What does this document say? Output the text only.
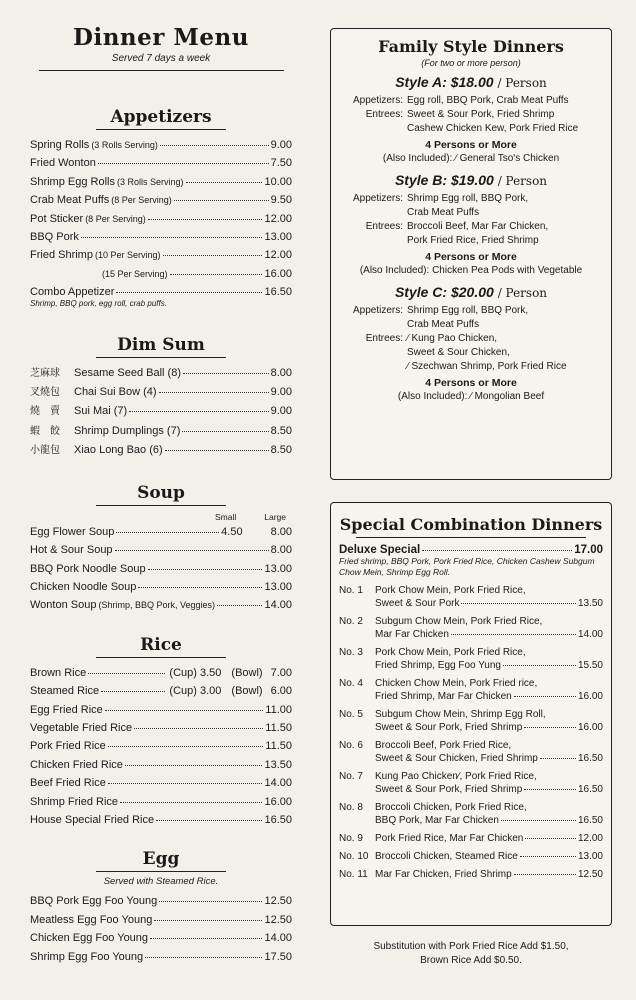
Dinner Menu
Served 7 days a week
Appetizers
Spring Rolls (3 Rolls Serving)	9.00
Fried Wonton	7.50
Shrimp Egg Rolls (3 Rolls Serving)	10.00
Crab Meat Puffs (8 Per Serving)	9.50
Pot Sticker (8 Per Serving)	12.00
BBQ Pork	13.00
Fried Shrimp (10 Per Serving)	12.00
(15 Per Serving)	16.00
Combo Appetizer	16.50
Shrimp, BBQ pork, egg roll, crab puffs.
Dim Sum
芝麻球	Sesame Seed Ball (8)	8.00
叉燒包	Chai Sui Bow (4)	9.00
燒　賣	Sui Mai (7)	9.00
蝦　餃	Shrimp Dumplings (7)	8.50
小龍包	Xiao Long Bao (6)	8.50
Soup
Small	Large
Egg Flower Soup	4.50	8.00
Hot & Sour Soup	8.00
BBQ Pork Noodle Soup	13.00
Chicken Noodle Soup	13.00
Wonton Soup (Shrimp, BBQ Pork, Veggies)	14.00
Rice
Brown Rice	(Cup) 3.50 (Bowl) 7.00
Steamed Rice	(Cup) 3.00 (Bowl) 6.00
Egg Fried Rice	11.00
Vegetable Fried Rice	11.50
Pork Fried Rice	11.50
Chicken Fried Rice	13.50
Beef Fried Rice	14.00
Shrimp Fried Rice	16.00
House Special Fried Rice	16.50
Egg
Served with Steamed Rice.
BBQ Pork Egg Foo Young	12.50
Meatless Egg Foo Young	12.50
Chicken Egg Foo Young	14.00
Shrimp Egg Foo Young	17.50
Family Style Dinners
(For two or more person)
Style A: $18.00 / Person
Appetizers: Egg roll, BBQ Pork, Crab Meat Puffs
Entrees: Sweet & Sour Pork, Fried Shrimp
Cashew Chicken Kew, Pork Fried Rice
4 Persons or More
(Also Included): ∕ General Tso's Chicken
Style B: $19.00 / Person
Appetizers: Shrimp Egg roll, BBQ Pork,
Crab Meat Puffs
Entrees: Broccoli Beef, Mar Far Chicken,
Pork Fried Rice, Fried Shrimp
4 Persons or More
(Also Included): Chicken Pea Pods with Vegetable
Style C: $20.00 / Person
Appetizers: Shrimp Egg roll, BBQ Pork,
Crab Meat Puffs
Entrees: ∕ Kung Pao Chicken,
Sweet & Sour Chicken,
∕ Szechwan Shrimp, Pork Fried Rice
4 Persons or More
(Also Included): ∕ Mongolian Beef
Special Combination Dinners
Deluxe Special	17.00
Fried shrimp, BBQ Pork, Pork Fried Rice, Chicken Cashew Subgum Chow Mein, Shrimp Egg Roll.
No. 1	Pork Chow Mein, Pork Fried Rice,
Sweet & Sour Pork	13.50
No. 2	Subgum Chow Mein, Pork Fried Rice,
Mar Far Chicken	14.00
No. 3	Pork Chow Mein, Pork Fried Rice,
Fried Shrimp, Egg Foo Yung	15.50
No. 4	Chicken Chow Mein, Pork Fried rice,
Fried Shrimp, Mar Far Chicken	16.00
No. 5	Subgum Chow Mein, Shrimp Egg Roll,
Sweet & Sour Pork, Fried Shrimp	16.00
No. 6	Broccoli Beef, Pork Fried Rice,
Sweet & Sour Chicken, Fried Shrimp	16.50
No. 7	Kung Pao Chicken∕, Pork Fried Rice,
Sweet & Sour Pork, Fried Shrimp	16.50
No. 8	Broccoli Chicken, Pork Fried Rice,
BBQ Pork, Mar Far Chicken	16.50
No. 9	Pork Fried Rice, Mar Far Chicken	12.00
No. 10 Broccoli Chicken, Steamed Rice	13.00
No. 11 Mar Far Chicken, Fried Shrimp	12.50
Substitution with Pork Fried Rice Add $1.50,
Brown Rice Add $0.50.
